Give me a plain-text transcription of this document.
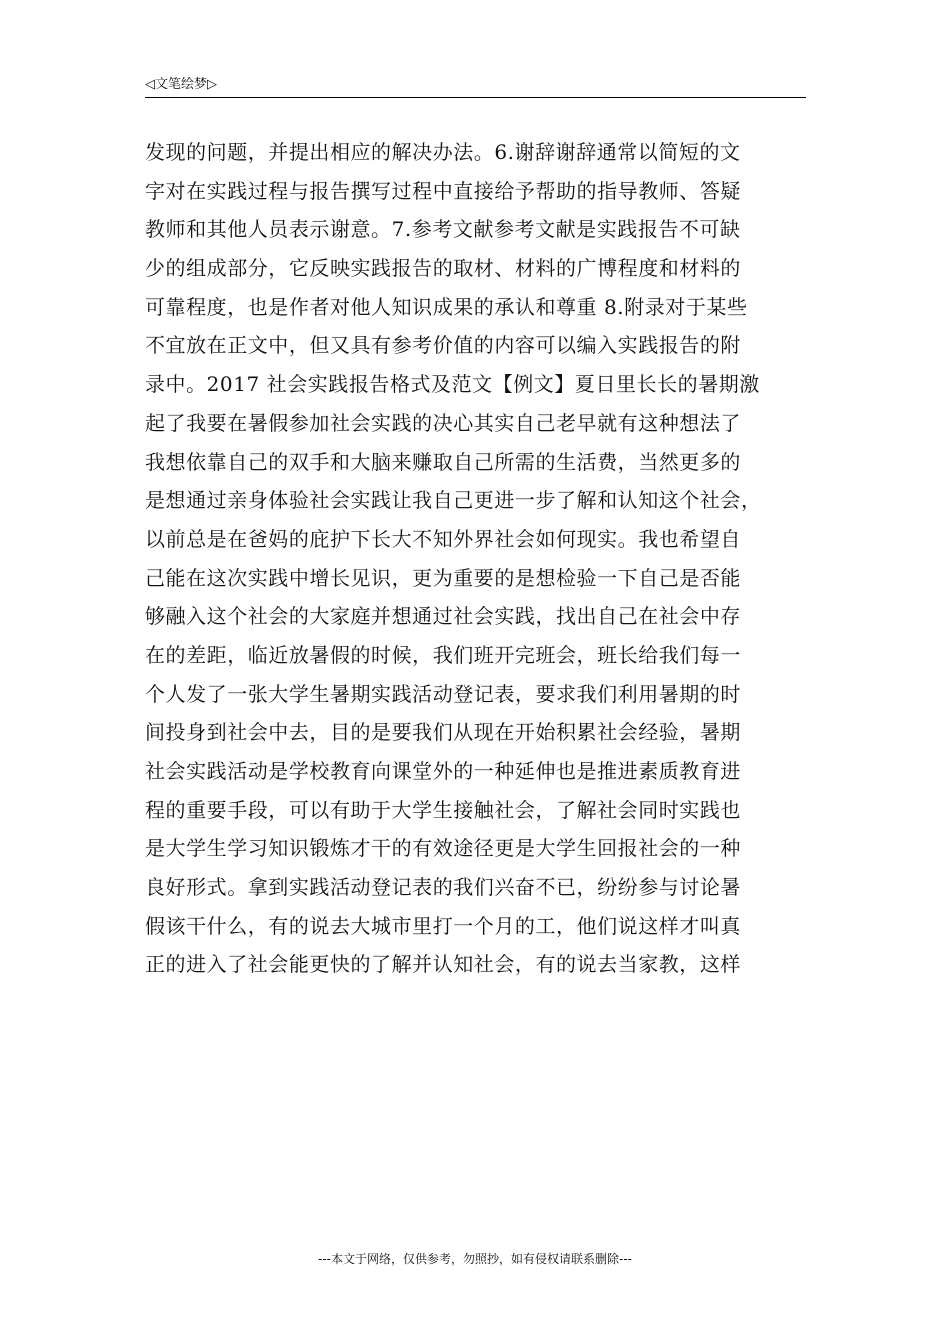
◁文笔绘梦▷
发现的问题，并提出相应的解决办法。6.谢辞谢辞通常以简短的文
字对在实践过程与报告撰写过程中直接给予帮助的指导教师、答疑
教师和其他人员表示谢意。7.参考文献参考文献是实践报告不可缺
少的组成部分，它反映实践报告的取材、材料的广博程度和材料的
可靠程度，也是作者对他人知识成果的承认和尊重 8.附录对于某些
不宜放在正文中，但又具有参考价值的内容可以编入实践报告的附
录中。2017 社会实践报告格式及范文【例文】夏日里长长的暑期激
起了我要在暑假参加社会实践的决心其实自己老早就有这种想法了
我想依靠自己的双手和大脑来赚取自己所需的生活费，当然更多的
是想通过亲身体验社会实践让我自己更进一步了解和认知这个社会，
以前总是在爸妈的庇护下长大不知外界社会如何现实。我也希望自
己能在这次实践中增长见识，更为重要的是想检验一下自己是否能
够融入这个社会的大家庭并想通过社会实践，找出自己在社会中存
在的差距，临近放暑假的时候，我们班开完班会，班长给我们每一
个人发了一张大学生暑期实践活动登记表，要求我们利用暑期的时
间投身到社会中去，目的是要我们从现在开始积累社会经验，暑期
社会实践活动是学校教育向课堂外的一种延伸也是推进素质教育进
程的重要手段，可以有助于大学生接触社会，了解社会同时实践也
是大学生学习知识锻炼才干的有效途径更是大学生回报社会的一种
良好形式。拿到实践活动登记表的我们兴奋不已，纷纷参与讨论暑
假该干什么，有的说去大城市里打一个月的工，他们说这样才叫真
正的进入了社会能更快的了解并认知社会，有的说去当家教，这样
---本文于网络，仅供参考，勿照抄，如有侵权请联系删除---
